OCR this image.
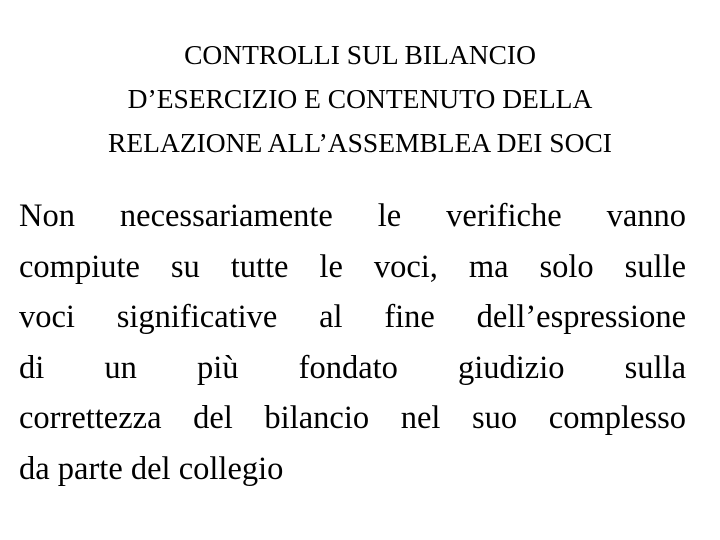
CONTROLLI SUL BILANCIO
D’ESERCIZIO E CONTENUTO DELLA
RELAZIONE ALL’ASSEMBLEA DEI SOCI
Non necessariamente le verifiche vanno
compiute su tutte le voci, ma solo sulle
voci significative al fine dell’espressione
di un più fondato giudizio sulla
correttezza del bilancio nel suo complesso
da parte del collegio
